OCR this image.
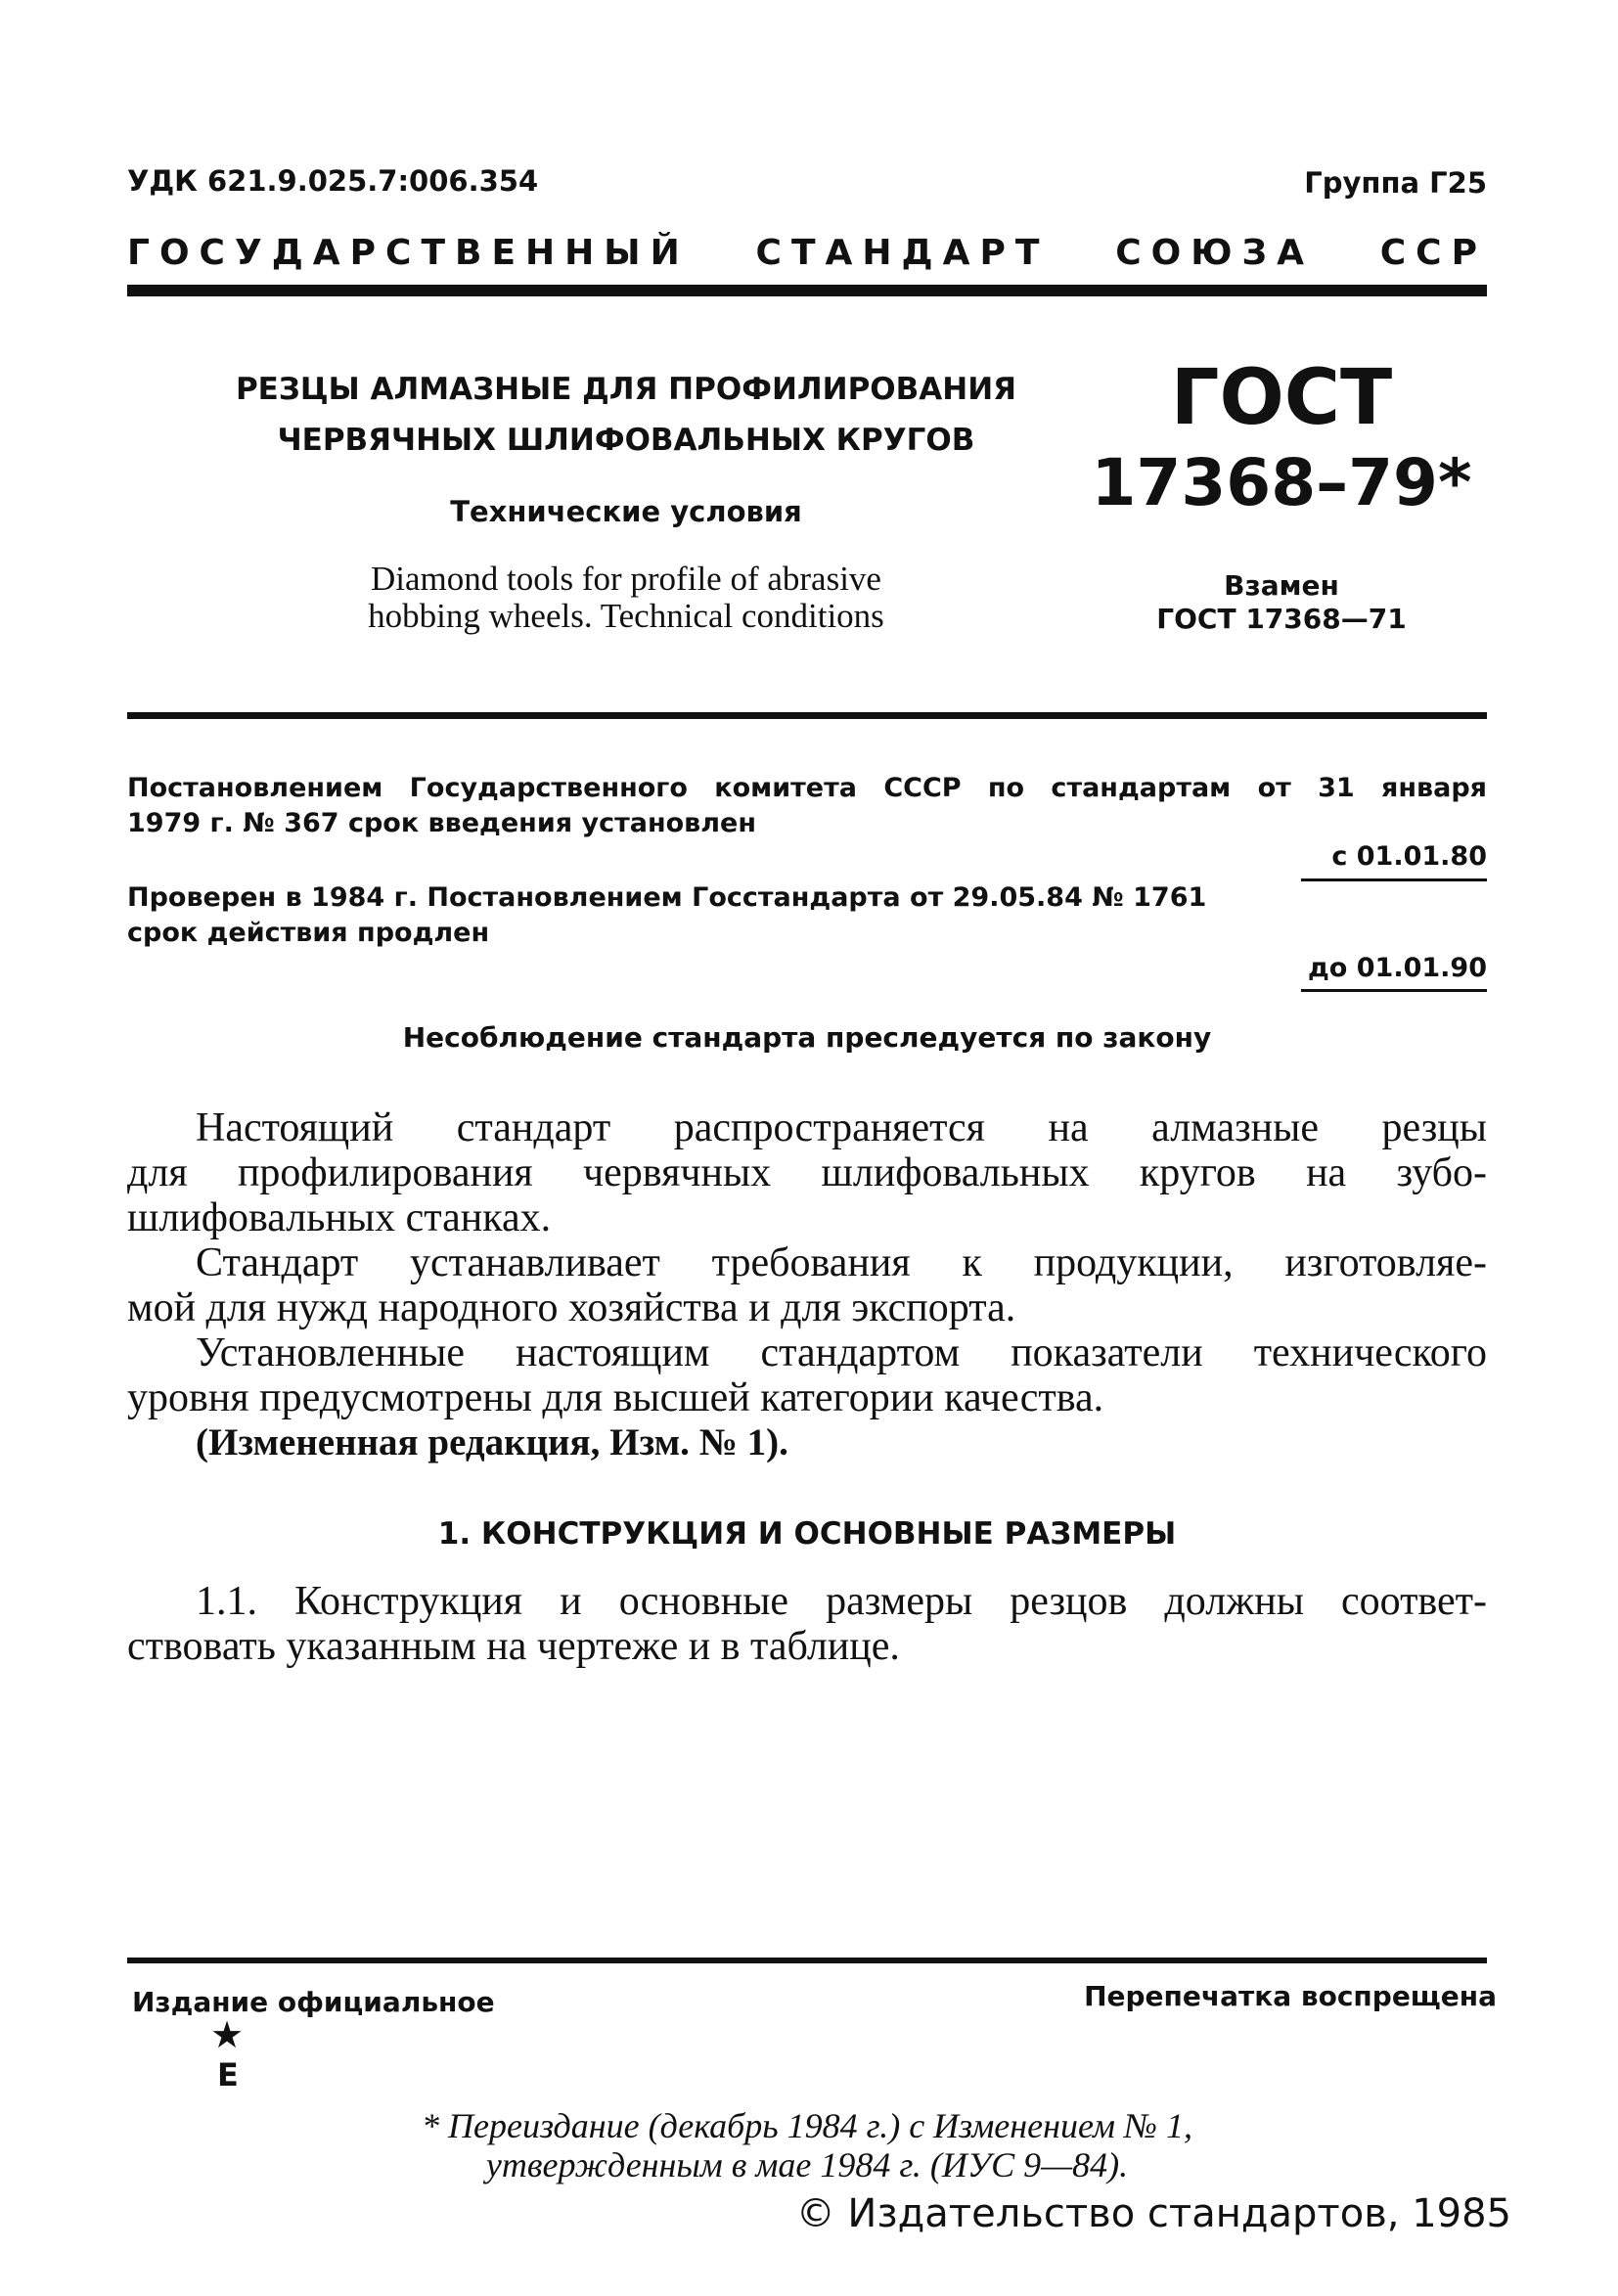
УДК 621.9.025.7:006.354	Группа Г25
ГОСУДАРСТВЕННЫЙ СТАНДАРТ СОЮЗА ССР
РЕЗЦЫ АЛМАЗНЫЕ ДЛЯ ПРОФИЛИРОВАНИЯ
ЧЕРВЯЧНЫХ ШЛИФОВАЛЬНЫХ КРУГОВ
Технические условия
Diamond tools for profile of abrasive
hobbing wheels. Technical conditions
ГОСТ
17368–79*
Взамен
ГОСТ 17368—71
Постановлением Государственного комитета СССР по стандартам от 31 января
1979 г. № 367 срок введения установлен
с 01.01.80
Проверен в 1984 г. Постановлением Госстандарта от 29.05.84 № 1761
срок действия продлен
до 01.01.90
Несоблюдение стандарта преследуется по закону
Настоящий стандарт распространяется на алмазные резцы
для профилирования червячных шлифовальных кругов на зубо-
шлифовальных станках.
Стандарт устанавливает требования к продукции, изготовляе-
мой для нужд народного хозяйства и для экспорта.
Установленные настоящим стандартом показатели технического
уровня предусмотрены для высшей категории качества.
(Измененная редакция, Изм. № 1).
1. КОНСТРУКЦИЯ И ОСНОВНЫЕ РАЗМЕРЫ
1.1. Конструкция и основные размеры резцов должны соответ-
ствовать указанным на чертеже и в таблице.
Издание официальное	Перепечатка воспрещена
★
Е
* Переиздание (декабрь 1984 г.) с Изменением № 1,
утвержденным в мае 1984 г. (ИУС 9—84).
© Издательство стандартов, 1985
